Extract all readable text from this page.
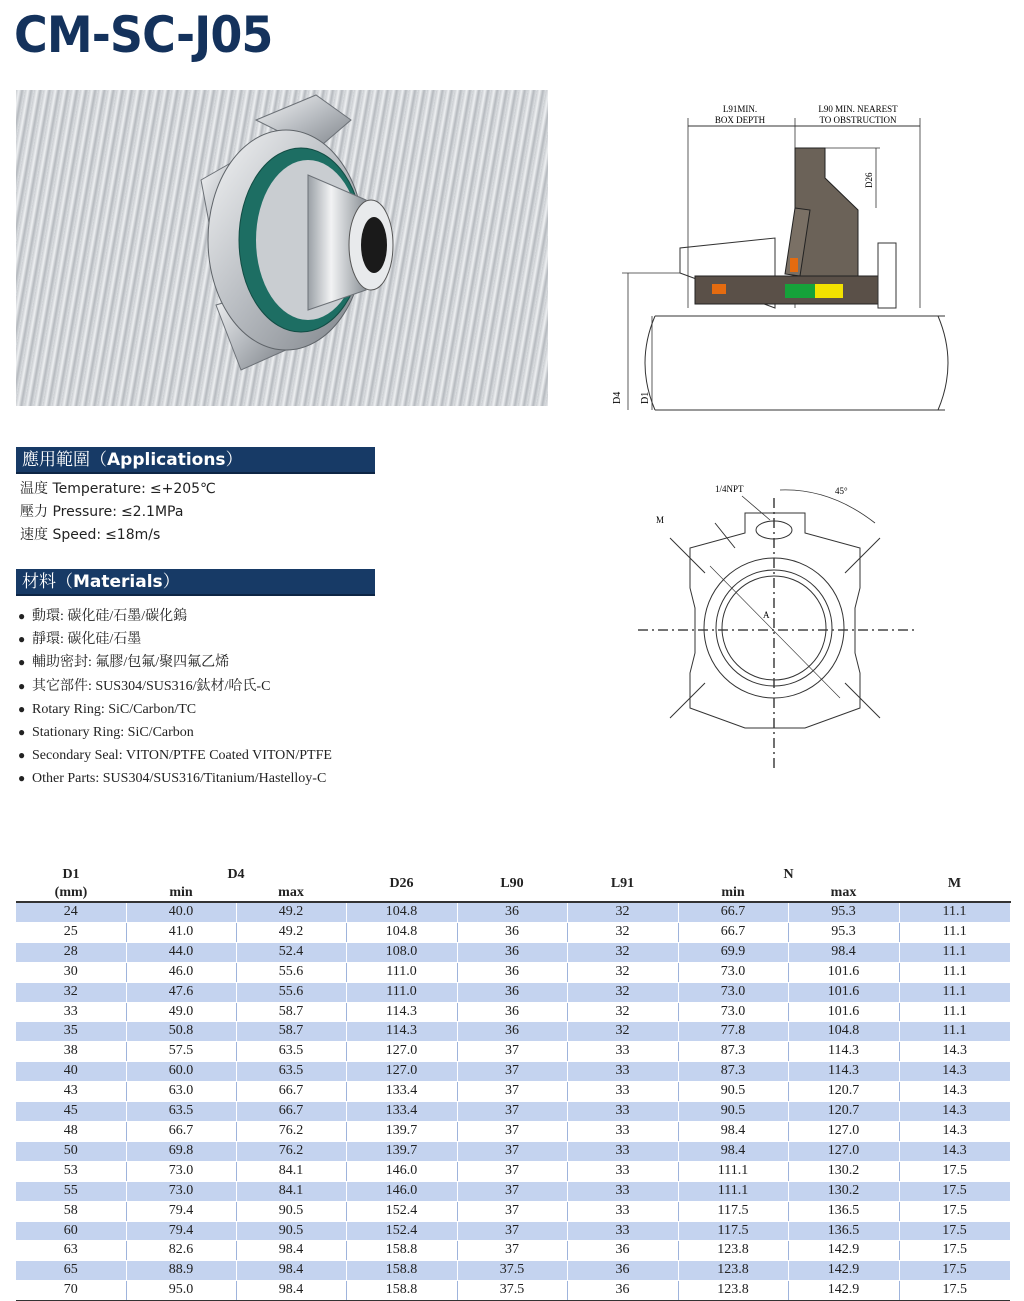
CM-SC-J05
L91MIN.
BOX DEPTH
L90 MIN. NEAREST
TO OBSTRUCTION
D26
D4 D1
1/4NPT	45°
M
A
應用範圍（Applications）
温度 Temperature: ≤+205℃
壓力 Pressure: ≤2.1MPa
速度 Speed: ≤18m/s
材料（Materials）
● 動環: 碳化硅/石墨/碳化鎢
● 靜環: 碳化硅/石墨
● 輔助密封: 氟膠/包氟/聚四氟乙烯
● 其它部件: SUS304/SUS316/鈦材/哈氏-C
● Rotary Ring: SiC/Carbon/TC
● Stationary Ring: SiC/Carbon
● Secondary Seal: VITON/PTFE Coated VITON/PTFE
● Other Parts: SUS304/SUS316/Titanium/Hastelloy-C
D1	D4		D26	L90	L91	N		M
(mm)	min	max				min	max	
24	40.0	49.2	104.8	36	32	66.7	95.3	11.1
25	41.0	49.2	104.8	36	32	66.7	95.3	11.1
28	44.0	52.4	108.0	36	32	69.9	98.4	11.1
30	46.0	55.6	111.0	36	32	73.0	101.6	11.1
32	47.6	55.6	111.0	36	32	73.0	101.6	11.1
33	49.0	58.7	114.3	36	32	73.0	101.6	11.1
35	50.8	58.7	114.3	36	32	77.8	104.8	11.1
38	57.5	63.5	127.0	37	33	87.3	114.3	14.3
40	60.0	63.5	127.0	37	33	87.3	114.3	14.3
43	63.0	66.7	133.4	37	33	90.5	120.7	14.3
45	63.5	66.7	133.4	37	33	90.5	120.7	14.3
48	66.7	76.2	139.7	37	33	98.4	127.0	14.3
50	69.8	76.2	139.7	37	33	98.4	127.0	14.3
53	73.0	84.1	146.0	37	33	111.1	130.2	17.5
55	73.0	84.1	146.0	37	33	111.1	130.2	17.5
58	79.4	90.5	152.4	37	33	117.5	136.5	17.5
60	79.4	90.5	152.4	37	33	117.5	136.5	17.5
63	82.6	98.4	158.8	37	36	123.8	142.9	17.5
65	88.9	98.4	158.8	37.5	36	123.8	142.9	17.5
70	95.0	98.4	158.8	37.5	36	123.8	142.9	17.5
